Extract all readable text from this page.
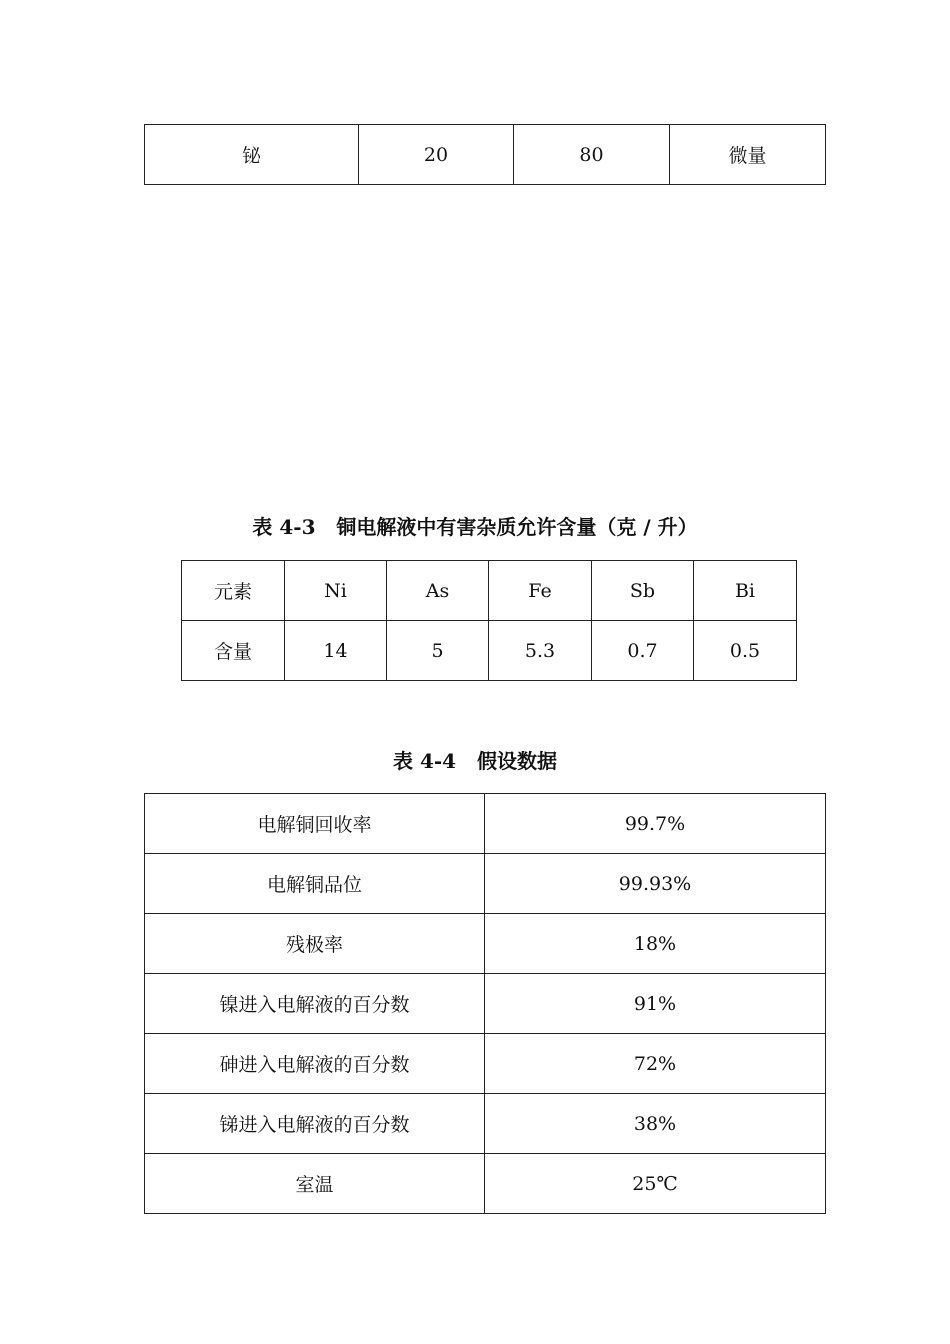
铋	20	80	微量
表 4-3   铜电解液中有害杂质允许含量（克 / 升）
元素	Ni	As	Fe	Sb	Bi
含量	14	5	5.3	0.7	0.5
表 4-4   假设数据
电解铜回收率	99.7%
电解铜品位	99.93%
残极率	18%
镍进入电解液的百分数	91%
砷进入电解液的百分数	72%
锑进入电解液的百分数	38%
室温	25℃
